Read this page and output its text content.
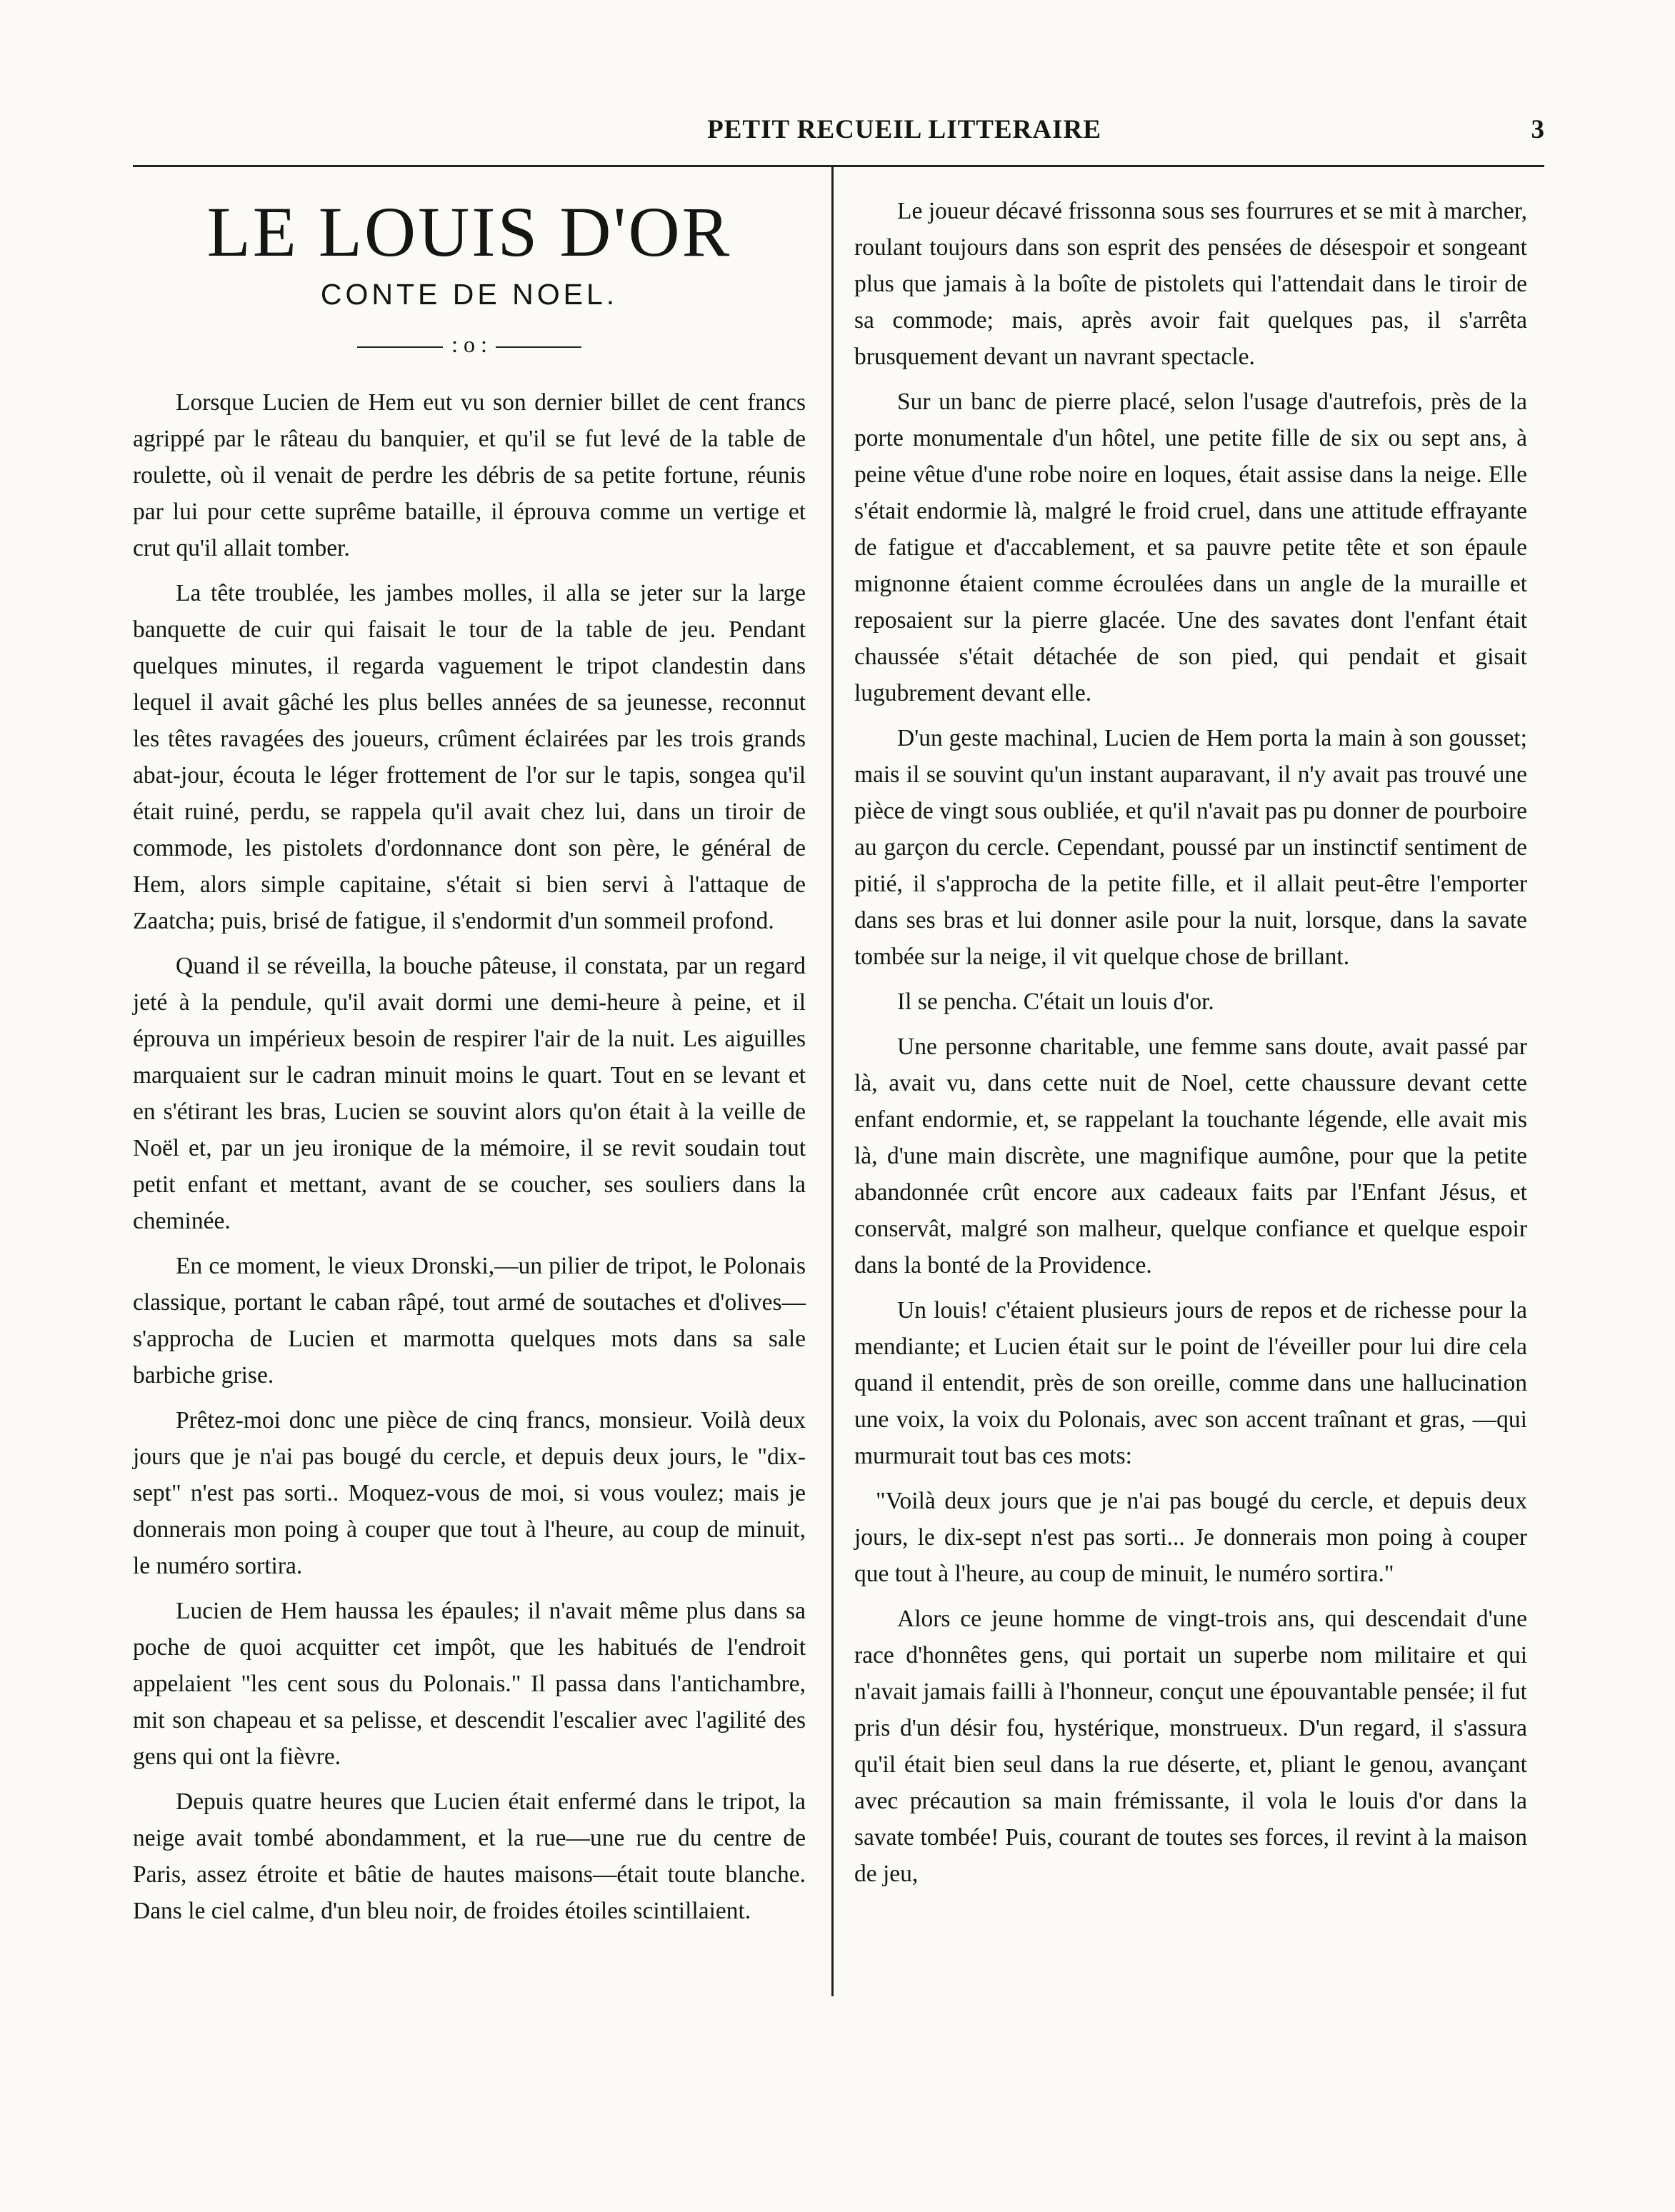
PETIT RECUEIL LITTERAIRE	3
LE LOUIS D'OR
CONTE DE NOEL.
: o :

Lorsque Lucien de Hem eut vu son dernier billet de cent francs agrippé par le râteau du banquier, et qu'il se fut levé de la table de roulette, où il venait de perdre les débris de sa petite fortune, réunis par lui pour cette suprême bataille, il éprouva comme un vertige et crut qu'il allait tomber.

La tête troublée, les jambes molles, il alla se jeter sur la large banquette de cuir qui faisait le tour de la table de jeu. Pendant quelques minutes, il regarda vaguement le tripot clandestin dans lequel il avait gâché les plus belles années de sa jeunesse, reconnut les têtes ravagées des joueurs, crûment éclairées par les trois grands abat-jour, écouta le léger frottement de l'or sur le tapis, songea qu'il était ruiné, perdu, se rappela qu'il avait chez lui, dans un tiroir de commode, les pistolets d'ordonnance dont son père, le général de Hem, alors simple capitaine, s'était si bien servi à l'attaque de Zaatcha; puis, brisé de fatigue, il s'endormit d'un sommeil profond.

Quand il se réveilla, la bouche pâteuse, il constata, par un regard jeté à la pendule, qu'il avait dormi une demi-heure à peine, et il éprouva un impérieux besoin de respirer l'air de la nuit. Les aiguilles marquaient sur le cadran minuit moins le quart. Tout en se levant et en s'étirant les bras, Lucien se souvint alors qu'on était à la veille de Noël et, par un jeu ironique de la mémoire, il se revit soudain tout petit enfant et mettant, avant de se coucher, ses souliers dans la cheminée.

En ce moment, le vieux Dronski,—un pilier de tripot, le Polonais classique, portant le caban râpé, tout armé de soutaches et d'olives—s'approcha de Lucien et marmotta quelques mots dans sa sale barbiche grise.

Prêtez-moi donc une pièce de cinq francs, monsieur. Voilà deux jours que je n'ai pas bougé du cercle, et depuis deux jours, le "dix-sept" n'est pas sorti.. Moquez-vous de moi, si vous voulez; mais je donnerais mon poing à couper que tout à l'heure, au coup de minuit, le numéro sortira.

Lucien de Hem haussa les épaules; il n'avait même plus dans sa poche de quoi acquitter cet impôt, que les habitués de l'endroit appelaient "les cent sous du Polonais." Il passa dans l'antichambre, mit son chapeau et sa pelisse, et descendit l'escalier avec l'agilité des gens qui ont la fièvre.

Depuis quatre heures que Lucien était enfermé dans le tripot, la neige avait tombé abondamment, et la rue—une rue du centre de Paris, assez étroite et bâtie de hautes maisons—était toute blanche. Dans le ciel calme, d'un bleu noir, de froides étoiles scintillaient.

Le joueur décavé frissonna sous ses fourrures et se mit à marcher, roulant toujours dans son esprit des pensées de désespoir et songeant plus que jamais à la boîte de pistolets qui l'attendait dans le tiroir de sa commode; mais, après avoir fait quelques pas, il s'arrêta brusquement devant un navrant spectacle.

Sur un banc de pierre placé, selon l'usage d'autrefois, près de la porte monumentale d'un hôtel, une petite fille de six ou sept ans, à peine vêtue d'une robe noire en loques, était assise dans la neige. Elle s'était endormie là, malgré le froid cruel, dans une attitude effrayante de fatigue et d'accablement, et sa pauvre petite tête et son épaule mignonne étaient comme écroulées dans un angle de la muraille et reposaient sur la pierre glacée. Une des savates dont l'enfant était chaussée s'était détachée de son pied, qui pendait et gisait lugubrement devant elle.

D'un geste machinal, Lucien de Hem porta la main à son gousset; mais il se souvint qu'un instant auparavant, il n'y avait pas trouvé une pièce de vingt sous oubliée, et qu'il n'avait pas pu donner de pourboire au garçon du cercle. Cependant, poussé par un instinctif sentiment de pitié, il s'approcha de la petite fille, et il allait peut-être l'emporter dans ses bras et lui donner asile pour la nuit, lorsque, dans la savate tombée sur la neige, il vit quelque chose de brillant.

Il se pencha. C'était un louis d'or.

Une personne charitable, une femme sans doute, avait passé par là, avait vu, dans cette nuit de Noel, cette chaussure devant cette enfant endormie, et, se rappelant la touchante légende, elle avait mis là, d'une main discrète, une magnifique aumône, pour que la petite abandonnée crût encore aux cadeaux faits par l'Enfant Jésus, et conservât, malgré son malheur, quelque confiance et quelque espoir dans la bonté de la Providence.

Un louis! c'étaient plusieurs jours de repos et de richesse pour la mendiante; et Lucien était sur le point de l'éveiller pour lui dire cela quand il entendit, près de son oreille, comme dans une hallucination une voix, la voix du Polonais, avec son accent traînant et gras, —qui murmurait tout bas ces mots:

"Voilà deux jours que je n'ai pas bougé du cercle, et depuis deux jours, le dix-sept n'est pas sorti... Je donnerais mon poing à couper que tout à l'heure, au coup de minuit, le numéro sortira."

Alors ce jeune homme de vingt-trois ans, qui descendait d'une race d'honnêtes gens, qui portait un superbe nom militaire et qui n'avait jamais failli à l'honneur, conçut une épouvantable pensée; il fut pris d'un désir fou, hystérique, monstrueux. D'un regard, il s'assura qu'il était bien seul dans la rue déserte, et, pliant le genou, avançant avec précaution sa main frémissante, il vola le louis d'or dans la savate tombée! Puis, courant de toutes ses forces, il revint à la maison de jeu,
